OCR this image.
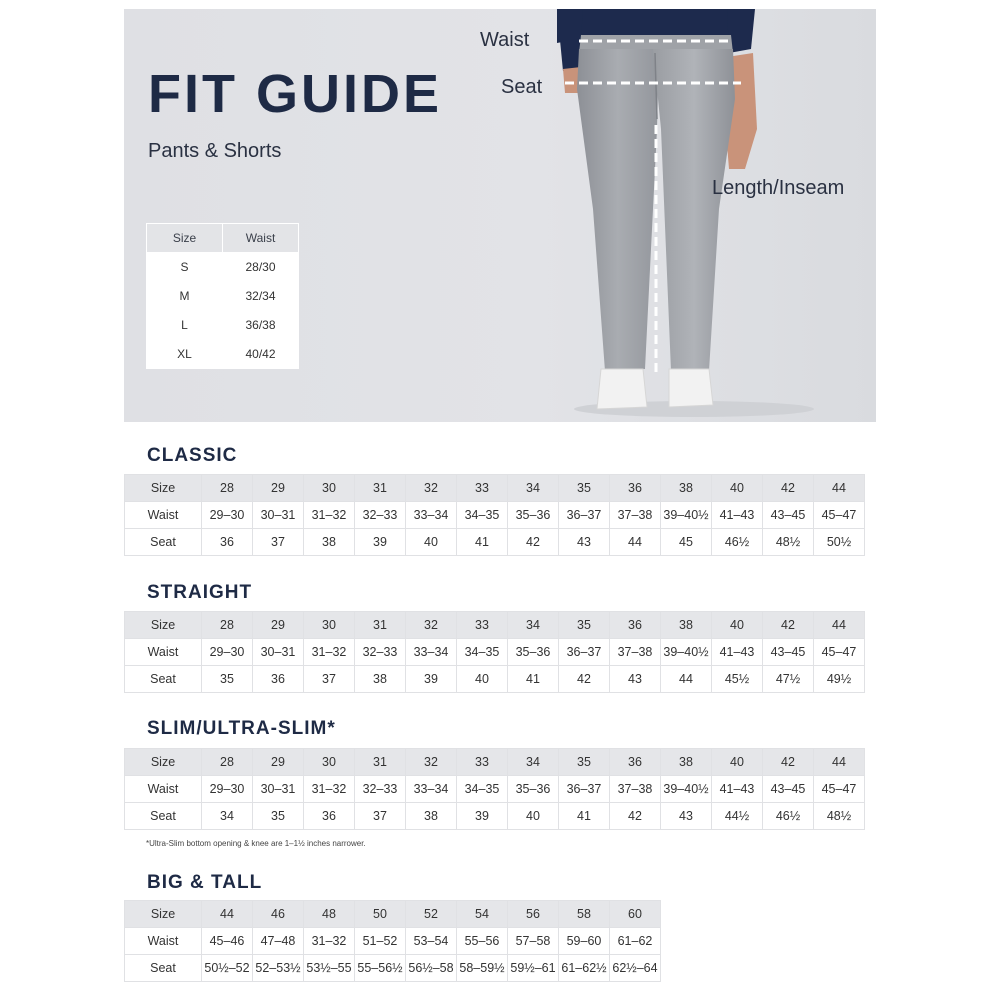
FIT GUIDE
Pants & Shorts
Size	Waist
S	28/30
M	32/34
L	36/38
XL	40/42
Waist
Seat
Length/Inseam
CLASSIC
Size	28	29	30	31	32	33	34	35	36	38	40	42	44
Waist	29–30	30–31	31–32	32–33	33–34	34–35	35–36	36–37	37–38	39–40½	41–43	43–45	45–47
Seat	36	37	38	39	40	41	42	43	44	45	46½	48½	50½
STRAIGHT
Size	28	29	30	31	32	33	34	35	36	38	40	42	44
Waist	29–30	30–31	31–32	32–33	33–34	34–35	35–36	36–37	37–38	39–40½	41–43	43–45	45–47
Seat	35	36	37	38	39	40	41	42	43	44	45½	47½	49½
SLIM/ULTRA-SLIM*
Size	28	29	30	31	32	33	34	35	36	38	40	42	44
Waist	29–30	30–31	31–32	32–33	33–34	34–35	35–36	36–37	37–38	39–40½	41–43	43–45	45–47
Seat	34	35	36	37	38	39	40	41	42	43	44½	46½	48½
*Ultra-Slim bottom opening & knee are 1–1½ inches narrower.
BIG & TALL
Size	44	46	48	50	52	54	56	58	60
Waist	45–46	47–48	31–32	51–52	53–54	55–56	57–58	59–60	61–62
Seat	50½–52	52–53½	53½–55	55–56½	56½–58	58–59½	59½–61	61–62½	62½–64
